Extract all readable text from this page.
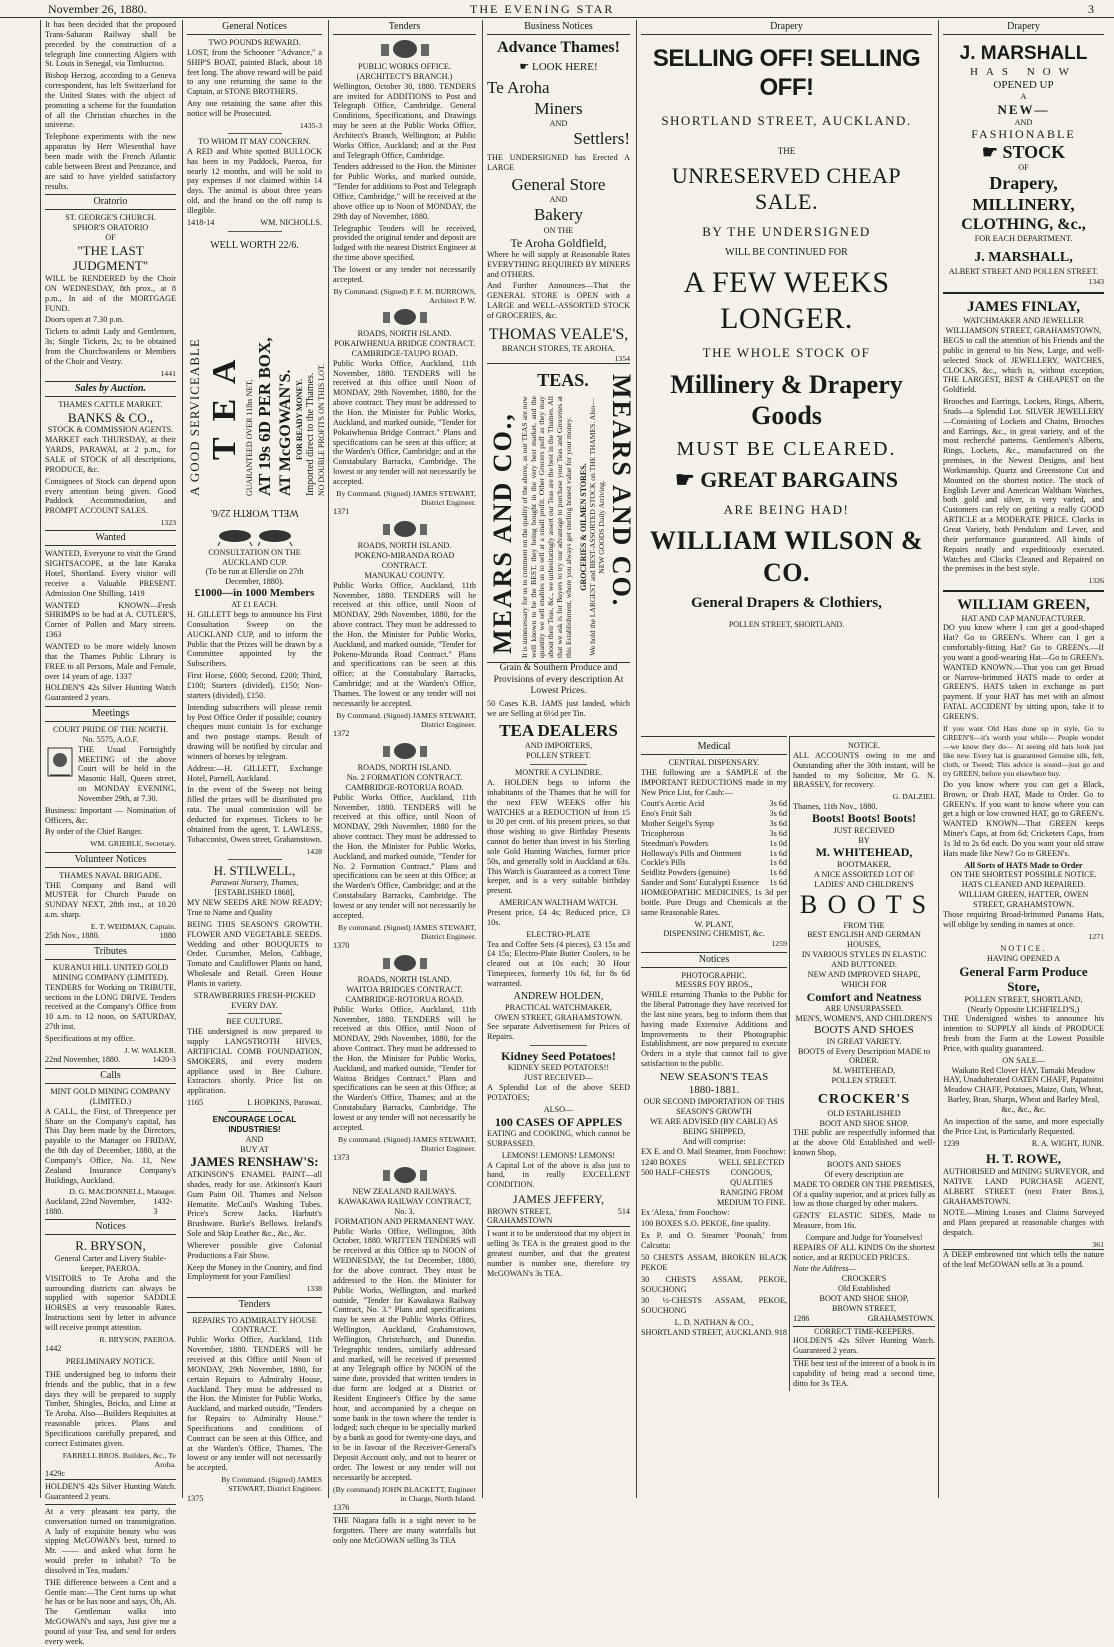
November 26, 1880.	THE EVENING STAR	3

It has been decided that the proposed Trans-Saharan Railway shall be preceded by the construction of a telegraph line connecting Algiers with St. Louis in Senegal, via Timbuctoo.

Bishop Herzog, according to a Geneva correspondent, has left Switzerland for the United States with the object of promoting a scheme for the foundation of all the Christian churches in the universe.

Telephone experiments with the new apparatus by Herr Wiesenthal have been made with the French Atlantic cable between Brest and Penzance, and are said to have yielded satisfactory results.

Oratorio
ST. GEORGE'S CHURCH.
SPHOR'S ORATORIO
OF
"THE LAST JUDGMENT"

WILL be RENDERED by the Choir ON WEDNESDAY, 8th prox., at 8 p.m., In aid of the MORTGAGE FUND.

Doors open at 7.30 p.m.

Tickets to admit Lady and Gentlemen, 3s; Single Tickets, 2s; to be obtained from the Churchwardens or Members of the Choir and Vestry.

1441
Sales by Auction.
THAMES CATTLE MARKET.
BANKS & CO.,
STOCK & COMMISSION AGENTS.

MARKET each THURSDAY, at their YARDS, PARAWAI, at 2 p.m., for SALE of STOCK of all descriptions, PRODUCE, &c.

Consignees of Stock can depend upon every attention being given. Good Paddock Accommodation, and PROMPT ACCOUNT SALES.

1323
Wanted

WANTED, Everyone to visit the Grand SIGHTSACOPE, at the late Karaka Hotel, Shortland. Every visitor will receive a Valuable PRESENT. Admission One Shilling. 1419

WANTED KNOWN—Fresh SHRIMPS to be had at A. CUTLER'S, Corner of Pollen and Mary streets. 1363

WANTED to be more widely known that the Thames Public Library is FREE to all Persons, Male and Female, over 14 years of age. 1337

HOLDEN'S 42s Silver Hunting Watch Guaranteed 2 years.

Meetings
COURT PRIDE OF THE NORTH.
No. 5575, A.O.F.

THE Usual Fortnightly MEETING of the above Court will be held in the Masonic Hall, Queen street, on MONDAY EVENING, November 29th, at 7.30.

Business: Important — Nomination of Officers, &c.

By order of the Chief Ranger.

WM. GRIEBLE, Secretary.
Volunteer Notices
THAMES NAVAL BRIGADE.

THE Company and Band will MUSTER for Church Parade on SUNDAY NEXT, 28th inst., at 10.20 a.m. sharp.

E. T. WEIDMAN, Captain.
25th Nov., 1880.	1880
Tributes
KURANUI HILL UNITED GOLD MINING COMPANY (LIMITED).

TENDERS for Working on TRIBUTE, sections in the LONG DRIVE. Tenders received at the Company's Office from 10 a.m. to 12 noon, on SATURDAY, 27th inst.

Specifications at my office.

J. W. WALKER.
22nd November, 1880.	1420-3
Calls
MINT GOLD MINING COMPANY (LIMITED.)

A CALL, the First, of Threepence per Share on the Company's capital, has This Day been made by the Directors, payable to the Manager on FRIDAY, the 8th day of December, 1880, at the Company's Office, No. 11, New Zealand Insurance Company's Buildings, Auckland.

D. G. MACDONNELL, Manager.
Auckland, 22nd November, 1880.
1432-3
Notices
R. BRYSON,
General Carter and Livery Stable-keeper, PAEROA.

VISITORS to Te Aroha and the surrounding districts can always be supplied with superior SADDLE HORSES at very reasonable Rates. Instructions sent by letter in advance will receive prompt attention.

R. BRYSON, PAEROA.
1442
PRELIMINARY NOTICE.

THE undersigned beg to inform their friends and the public, that in a few days they will be prepared to supply Timber, Shingles, Bricks, and Lime at Te Aroha. Also—Builders Requisites at reasonable prices. Plans and Specifications carefully prepared, and correct Estimates given.

FARRELL BROS. Builders, &c., Te Aroha.
1429c

HOLDEN'S 42s Silver Hunting Watch. Guaranteed 2 years.

At a very pleasant tea party, the conversation turned on transmigration. A lady of exquisite beauty who was sipping McGOWAN's best, turned to Mr. —— and asked what form he would prefer to inhabit? 'To be dissolved in Tea, madam.'

THE difference between a Cent and a Gentle man:—The Cent turns up what he has or he has none and says, Oh, Ah. The Gentleman walks into McGOWAN's and says, Just give me a pound of your Tea, and send for orders every week.

General Notices
TWO POUNDS REWARD.

LOST, from the Schooner "Advance," a SHIP'S BOAT, painted Black, about 18 feet long. The above reward will be paid to any one returning the same to the Captain, at STONE BROTHERS.

Any one retaining the same after this notice will be Prosecuted.

1435-3
TO WHOM IT MAY CONCERN.

A RED and White spotted BULLOCK has been in my Paddock, Paeroa, for nearly 12 months, and will be sold to pay expenses if not claimed within 14 days. The animal is about three years old, and the brand on the off rump is illegible.

1418-14	WM. NICHOLLS.
WELL WORTH 22/6.
A GOOD SERVICEABLE T E A GUARANTEED OVER 11lbs NET, AT 19s 6D PER BOX, AT McGOWAN'S. FOR READY MONEY. Imported direct to the Thames. NO DOUBLE PROFITS ON THIS LOT.
WELL WORTH 22/6.
CONSULTATION ON THE AUCKLAND CUP.
(To be run at Ellerslie on 27th December, 1880).
£1000—in 1000 Members
AT £1 EACH.

H. GILLETT begs to announce his First Consultation Sweep on the AUCKLAND CUP, and to inform the Public that the Prizes will be drawn by a Committee appointed by the Subscribers.

First Horse, £600; Second, £200; Third, £100; Starters (divided), £150; Non-starters (divided), £150.

Intending subscribers will please remit by Post Office Order if possible; country cheques must contain 1s for exchange and two postage stamps. Result of drawing will be notified by circular and winners of horses by telegram.

Address:—H. GILLETT, Exchange Hotel, Parnell, Auckland.

In the event of the Sweep not being filled the prizes will be distributed pro rata. The usual commission will be deducted for expenses. Tickets to be obtained from the agent, T. LAWLESS, Tobacconist, Owen street, Grahamstown.

1428
H. STILWELL,
Parawai Nursery, Thames,
[ESTABLISHED 1868],

MY NEW SEEDS ARE NOW READY; True to Name and Quality

BEING THIS SEASON'S GROWTH. FLOWER AND VEGETABLE SEEDS. Wedding and other BOUQUETS to Order. Cucumber, Melon, Cabbage, Tomato and Cauliflower Plants on hand, Wholesale and Retail. Green House Plants in variety.

STRAWBERRIES FRESH-PICKED EVERY DAY.
BEE CULTURE.

THE undersigned is now prepared to supply LANGSTROTH HIVES, ARTIFICIAL COMB FOUNDATION, SMOKERS, and every modern appliance used in Bee Culture. Extractors shortly. Price list on application.

1165	I. HOPKINS, Parawai.
ENCOURAGE LOCAL INDUSTRIES!
AND
BUY AT
JAMES RENSHAW'S:

ATKINSON'S ENAMEL PAINT—all shades, ready for use. Atkinson's Kauri Gum Paint Oil. Thames and Nelson Hematite. McCaul's Washing Tubes. Price's Screw Jacks. Harbutt's Brushware. Burke's Bellows. Ireland's Sole and Skip Leather &c., &c., &c.

Wherever possible give Colonial Productions a Fair Show.

Keep the Money in the Country, and find Employment for your Families!

1338
Tenders
REPAIRS TO ADMIRALTY HOUSE CONTRACT.

Public Works Office, Auckland, 11th November, 1880. TENDERS will be received at this Office until Noon of MONDAY, 29th November, 1880, for certain Repairs to Admiralty House, Auckland. They must be addressed to the Hon. the Minister for Public Works, Auckland, and marked outside, "Tenders for Repairs to Admiralty House." Specifications and conditions of Contract can be seen at this Office, and at the Warden's Office, Thames. The lowest or any tender will not necessarily be accepted.

By Command. (Signed) JAMES STEWART, District Engineer.
1375
Tenders
PUBLIC WORKS OFFICE.
(ARCHITECT'S BRANCH.)

Wellington, October 30, 1880. TENDERS are invited for ADDITIONS to Post and Telegraph Office, Cambridge. General Conditions, Specifications, and Drawings may be seen at the Public Works Office, Architect's Branch, Wellington; at Public Works Office, Auckland; and at the Post and Telegraph Office, Cambridge.

Tenders addressed to the Hon. the Minister for Public Works, and marked outside, "Tender for additions to Post and Telegraph Office, Cambridge," will be received at the above office up to Noon of MONDAY, the 29th day of November, 1880.

Telegraphic Tenders will be received, provided the original tender and deposit are lodged with the nearest District Engineer at the time above specified.

The lowest or any tender not necessarily accepted.

By Command. (Signed) P. F. M. BURROWS, Architect P. W.
ROADS, NORTH ISLAND.
POKAIWHENUA BRIDGE CONTRACT.
CAMBRIDGE-TAUPO ROAD.

Public Works Office, Auckland, 11th November, 1880. TENDERS will be received at this office until Noon of MONDAY, 29th November, 1880, for the above contract. They must be addressed to the Hon. the Minister for Public Works, Auckland, and marked outside, "Tender for Pokaiwhenua Bridge Contract." Plans and specifications can be seen at this office; at the Warden's Office, Cambridge; and at the Constabulary Barracks, Cambridge. The lowest or any tender will not necessarily be accepted.

By Command. (Signed) JAMES STEWART, District Engineer.
1371
ROADS, NORTH ISLAND.
POKENO-MIRANDA ROAD CONTRACT.
MANUKAU COUNTY.

Public Works Office, Auckland, 11th November, 1880. TENDERS will be received at this office, until Noon of MONDAY, 29th November, 1880, for the above contract. They must be addressed to the Hon. the Minister for Public Works, Auckland, and marked outside, "Tender for Pokeno-Miranda Road Contract." Plans and specifications can be seen at this office; at the Constabulary Barracks, Cambridge; and at the Warden's Office, Thames. The lowest or any tender will not necessarily be accepted.

By Command. (Signed) JAMES STEWART, District Engineer.
1372
ROADS, NORTH ISLAND.
No. 2 FORMATION CONTRACT.
CAMBRIDGE-ROTORUA ROAD.

Public Works Office, Auckland, 11th November, 1880. TENDERS will be received at this office, until Noon of MONDAY, 29th November, 1880 for the above contract. They must be addressed to the Hon. the Minister for Public Works, Auckland, and marked outside, "Tender for No. 2 Formation Contract." Plans and specifications can be seen at this Office; at the Warden's Office, Cambridge; and at the Constabulary Barracks, Cambridge. The lowest or any tender will not necessarily be accepted.

By command. (Signed) JAMES STEWART, District Engineer.
1370
ROADS, NORTH ISLAND.
WAITOA BRIDGES CONTRACT.
CAMBRIDGE-ROTORUA ROAD.

Public Works Office, Auckland, 11th November, 1880. TENDERS will be received at this Office, until Noon of MONDAY, 29th November, 1880, for the above Contract. They must be addressed to the Hon. the Minister for Public Works, Auckland, and marked outside, "Tender for Waitoa Bridges Contract." Plans and specifications can be seen at this Office; at the Warden's Office, Thames; and at the Constabulary Barracks, Cambridge. The lowest or any tender will not necessarily be accepted.

By command. (Signed) JAMES STEWART, District Engineer.
1373
NEW ZEALAND RAILWAYS.
KAWAKAWA RAILWAY CONTRACT, No. 3.
FORMATION AND PERMANENT WAY.

Public Works Office, Wellington, 30th October, 1880. WRITTEN TENDERS will be received at this Office up to NOON of WEDNESDAY, the 1st December, 1880, for the above contract. They must be addressed to the Hon. the Minister for Public Works, Wellington, and marked outside, "Tender for Kawakawa Railway Contract, No. 3." Plans and specifications may be seen at the Public Works Offices, Wellington, Auckland, Grahamstown, Wellington, Christchurch, and Dunedin. Telegraphic tenders, similarly addressed and marked, will be received if presented at any Telegraph office by NOON of the same date, provided that written tenders in due form are lodged at a District or Resident Engineer's Office by the same hour, and accompanied by a cheque on some bank in the town where the tender is lodged; such cheque to be specially marked by a bank as good for twenty-one days, and to be in favour of the Receiver-General's Deposit Account only, and not to bearer or order. The lowest or any tender will not necessarily be accepted.

(By command) JOHN BLACKETT, Engineer in Charge, North Island.
1376

THE Niagara falls is a sight never to be forgotten. There are many waterfalls but only one McGOWAN selling 3s TEA

Business Notices
Advance Thames!
☛ LOOK HERE!
Te Aroha
Miners
AND
Settlers!

THE UNDERSIGNED has Erected A LARGE

General Store
AND
Bakery
ON THE
Te Aroha Goldfield,

Where he will supply at Reasonable Rates EVERYTHING REQUIRED BY MINERS and OTHERS.

And Further Announces—That the GENERAL STORE is OPEN with a LARGE and WELL-ASSORTED STOCK of GROCERIES, &c.

THOMAS VEALE'S,
BRANCH STORES, TE AROHA.
1354
MEARS AND CO.,
TEAS.
It is unnecessary for us to comment on the quality of the above, as our TEAS are now well known to be the BEST, they being bought in the very best market, and the quantity we sell enables us to sell at a small profit. Other Grocers puff as they may about their Teas, &c., we unhesitatingly assert our Teas are the best in the Thames. All that we ask is for Buyers to try our advantage to purchase your Teas and Groceries at this Establishment, where you always get sterling honest value for your money. GROCERIES & OILMEN STORES. We hold the LARGEST and BEST-ASSORTED STOCK on THE THAMES. Also—NEW GOODS Daily Arriving. MEARS AND CO.

Grain & Southern Produce and Provisions of every description At Lowest Prices.

50 Cases K.B. JAMS just landed, which we are Selling at 6½d per Tin.

TEA DEALERS
AND IMPORTERS,
POLLEN STREET.
MONTRE A CYLINDRE.

A. HOLDEN begs to inform the inhabitants of the Thames that he will for the next FEW WEEKS offer his WATCHES at a REDUCTION of from 15 to 20 per cent. of his present prices, so that those wishing to give Birthday Presents cannot do better than invest in his Sterling sole Gold Hunting Watches, former price 50s, and generally sold in Auckland at 63s. This Watch is Guaranteed as a correct Time keeper, and is a very suitable birthday present.

AMERICAN WALTHAM WATCH.

Present price, £4 4s; Reduced price, £3 10s.

ELECTRO-PLATE

Tea and Coffee Sets (4 pieces), £3 15s and £4 15s; Electro-Plate Butter Coolers, to be cleared out at 10s each; 30 Hour Timepieces, formerly 10s 6d, for 8s 6d warranted.

ANDREW HOLDEN,
PRACTICAL WATCHMAKER,
OWEN STREET, GRAHAMSTOWN.

See separate Advertisement for Prices of Repairs.

Kidney Seed Potatoes!
KIDNEY SEED POTATOES!!
JUST RECEIVED—

A Splendid Lot of the above SEED POTATOES;

ALSO—
100 CASES OF APPLES

EATING and COOKING, which cannot be SURPASSED.

LEMONS! LEMONS! LEMONS!

A Capital Lot of the above is also just to hand, in really EXCELLENT CONDITION.

JAMES JEFFERY,
BROWN STREET, GRAHAMSTOWN
514

I want it to be understood that my object in selling 3s TEA is the greatest good to the greatest number, and that the greatest number is number one, therefore try McGOWAN's 3s TEA.

Drapery
SELLING OFF! SELLING OFF!
SHORTLAND STREET, AUCKLAND.
THE
UNRESERVED CHEAP SALE.
BY THE UNDERSIGNED
WILL BE CONTINUED FOR
A FEW WEEKS LONGER.
THE WHOLE STOCK OF
Millinery & Drapery Goods
MUST BE CLEARED.
☛ GREAT BARGAINS
ARE BEING HAD!
WILLIAM WILSON & CO.
General Drapers & Clothiers,
POLLEN STREET, SHORTLAND.
Medical
CENTRAL DISPENSARY.

THE following are a SAMPLE of the IMPORTANT REDUCTIONS made in my New Price List, for Cash:—

Coutt's Acetic Acid	3s 6d
Eno's Fruit Salt	3s 6d
Mother Seigel's Syrup	3s 6d
Tricopherous	3s 6d
Steedman's Powders	1s 0d
Holloway's Pills and Ointment	1s 6d
Cockle's Pills	1s 6d
Seidlitz Powders (genuine)	1s 6d
Sander and Sons' Eucalypti Essence 1s 6d

HOMŒOPATHIC MEDICINES, 1s 3d per bottle. Pure Drugs and Chemicals at the same Reasonable Rates.

W. PLANT,
DISPENSING CHEMIST, &c.
1259
Notices
PHOTOGRAPHIC.
MESSRS FOY BROS.,

WHILE returning Thanks to the Public for the liberal Patronage they have received for the last nine years, beg to inform them that having made Extensive Additions and Improvements to their Photographic Establishment, are now prepared to execute Orders in a style that cannot fail to give satisfaction to the public.

NEW SEASON'S TEAS
1880-1881.
OUR SECOND IMPORTATION OF THIS SEASON'S GROWTH
WE ARE ADVISED (BY CABLE) AS BEING SHIPPED,
And will comprise:

EX E. and O. Mail Steamer, from Foochow:

1240 BOXES
500 HALF-CHESTS
WELL SELECTED CONGOUS, QUALITIES RANGING FROM MEDIUM TO FINE.

Ex 'Alexa,' from Foochow:

100 BOXES S.O. PEKOE, fine quality.

Ex P. and O. Steamer 'Poonah,' from Calcutta:

50 CHESTS ASSAM, BROKEN BLACK PEKOE

30 CHESTS ASSAM, PEKOE, SOUCHONG

30 ½-CHESTS ASSAM, PEKOE, SOUCHONG

L. D. NATHAN & CO.,
SHORTLAND STREET, AUCKLAND. 918
NOTICE.

ALL ACCOUNTS owing to me and Outstanding after the 30th instant, will be handed to my Solicitor, Mr G. N. BRASSEY, for recovery.

G. DALZIEL
Thames, 11th Nov., 1880.
Boots! Boots! Boots!
JUST RECEIVED
BY
M. WHITEHEAD,
BOOTMAKER,
A NICE ASSORTED LOT OF
LADIES' AND CHILDREN'S
B O O T S
FROM THE
BEST ENGLISH AND GERMAN HOUSES,
IN VARIOUS STYLES IN ELASTIC AND BUTTONED.
NEW AND IMPROVED SHAPE, WHICH FOR
Comfort and Neatness
ARE UNSURPASSED.
MEN'S, WOMEN'S, AND CHILDREN'S
BOOTS AND SHOES
IN GREAT VARIETY.
BOOTS of Every Description MADE to ORDER.
M. WHITEHEAD,
POLLEN STREET.
CROCKER'S
OLD ESTABLISHED
BOOT AND SHOE SHOP.

THE public are respectfully informed that at the above Old Established and well-known Shop,

BOOTS AND SHOES
Of every description are
MADE TO ORDER ON THE PREMISES,

Of a quality superior, and at prices fully as low as those charged by other makers.

GENTS' ELASTIC SIDES, Made to Measure, from 16s.

Compare and Judge for Yourselves!

REPAIRS OF ALL KINDS On the shortest notice, and at REDUCED PRICES.

Note the Address—
CROCKER'S
Old Established
BOOT AND SHOE SHOP,
BROWN STREET,
1286	GRAHAMSTOWN.
CORRECT TIME-KEEPERS.

HOLDEN'S 42s Silver Hunting Watch. Guaranteed 2 years.

THE best test of the interest of a book is its capability of being read a second time, ditto for 3s TEA.

Drapery
J. MARSHALL
HAS NOW
OPENED UP
A
NEW—
AND
FASHIONABLE
☛ STOCK
OF
Drapery,
MILLINERY,
CLOTHING, &c.,
FOR EACH DEPARTMENT.
J. MARSHALL,
ALBERT STREET AND POLLEN STREET.
1343
JAMES FINLAY,
WATCHMAKER AND JEWELLER
WILLIAMSON STREET, GRAHAMSTOWN,

BEGS to call the attention of his Friends and the public in general to his New, Large, and well-selected Stock of JEWELLERY, WATCHES, CLOCKS, &c., which is, without exception, THE LARGEST, BEST & CHEAPEST on the Goldfield.

Brooches and Earrings, Lockets, Rings, Alberts, Studs—a Splendid Lot. SILVER JEWELLERY—Consisting of Lockets and Chains, Brooches and Earrings, &c., in great variety, and of the most recherché patterns. Gentlemen's Alberts, Rings, Lockets, &c., manufactured on the premises, in the Newest Designs, and best Workmanship. Quartz and Greenstone Cut and Mounted on the shortest notice. The stock of English Lever and American Waltham Watches, both gold and silver, is very varied, and Customers can rely on getting a really GOOD ARTICLE at a MODERATE PRICE. Clocks in Great Variety, both Pendulum and Lever, and their performance guaranteed. All kinds of Repairs neatly and expeditiously executed. Watches and Clocks Cleaned and Repaired on the premises in the best style.

1326
WILLIAM GREEN,
HAT AND CAP MANUFACTURER.

DO you know where I can get a good-shaped Hat? Go to GREEN's. Where can I get a comfortably-fitting Hat? Go to GREEN's.—If you want a good-wearing Hat—Go to GREEN's. WANTED KNOWN.—That you can get Broad or Narrow-brimmed HATS made to order at GREEN'S. HATS taken in exchange as part payment. If your HAT has met with an almost FATAL ACCIDENT by sitting upon, take it to GREEN'S.

If you want Old Hats done up in style, Go to GREEN'S—it's worth your while— People wonder—we know they do— At seeing old hats look just like new. Every hat is guaranteed Genuine silk, felt, cloth, or Tweed; This advice is sound—just go and try GREEN, before you elsewhere buy.

Do you know where you can get a Black, Brown, or Drab HAT, Made to Order. Go to GREEN's. If you want to know where you can get a high or low crowned HAT, go to GREEN's. WANTED KNOWN—That GREEN keeps Miner's Caps, at from 6d; Cricketers Caps, from 1s 3d to 2s 6d each. Do you want your old straw Hats made like New? Go to GREEN's.

All Sorts of HATS Made to Order
ON THE SHORTEST POSSIBLE NOTICE.
HATS CLEANED AND REPAIRED.
WILLIAM GREEN, HATTER, OWEN STREET, GRAHAMSTOWN.

Those requiring Broad-brimmed Panama Hats, will oblige by sending in names at once.

1271
NOTICE.
HAVING OPENED A
General Farm Produce Store,
POLLEN STREET, SHORTLAND,
(Nearly Opposite LICHFIELD'S,)

THE Undersigned wishes to announce his intention to SUPPLY all kinds of PRODUCE fresh from the Farm at the Lowest Possible Price, with quality guaranteed.

ON SALE—

Waikato Red Clover HAY, Tamaki Meadow HAY, Unadulterated OATEN CHAFF, Papatoitoi Meadow CHAFF, Potatoes, Maize, Oats, Wheat, Barley, Bran, Sharps, Wheat and Barley Meal, &c., &c., &c.

An inspection of the same, and more especially the Price List, is Particularly Requested.

1239	R. A. WIGHT, JUNR.
H. T. ROWE,

AUTHORISED and MINING SURVEYOR, and NATIVE LAND PURCHASE AGENT, ALBERT STREET (next Frater Bros.), GRAHAMSTOWN.

NOTE.—Mining Leases and Claims Surveyed and Plans prepared at reasonable charges with despatch.

361

A DEEP embrowned tint which tells the nature of the leaf McGOWAN sells at 3s a pound.
